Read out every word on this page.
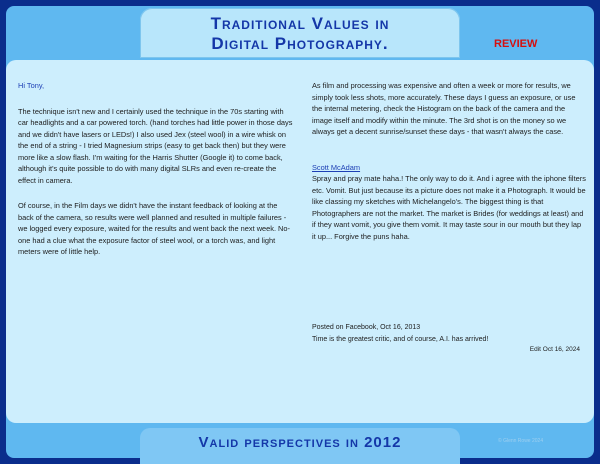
Traditional Values in
Digital Photography.	REVIEW

Hi Tony,

The technique isn't new and I certainly used the technique in the 70s starting with car headlights and a car powered torch. (hand torches had little power in those days and we didn't have lasers or LEDs!) I also used Jex (steel wool) in a wire whisk on the end of a string - I tried Magnesium strips (easy to get back then) but they were more like a slow flash. I'm waiting for the Harris Shutter (Google it) to come back, although it's quite possible to do with many digital SLRs and even re-create the effect in camera.

Of course, in the Film days we didn't have the instant feedback of looking at the back of the camera, so results were well planned and resulted in multiple failures - we logged every exposure, waited for the results and went back the next week. No-one had a clue what the exposure factor of steel wool, or a torch was, and light meters were of little help.

As film and processing was expensive and often a week or more for results, we simply took less shots, more accurately. These days I guess an exposure, or use the internal metering, check the Histogram on the back of the camera and the image itself and modify within the minute. The 3rd shot is on the money so we always get a decent sunrise/sunset these days - that wasn't always the case.

Scott McAdam

Spray and pray mate haha.! The only way to do it. And i agree with the iphone filters etc. Vomit. But just because its a picture does not make it a Photograph. It would be like classing my sketches with Michelangelo's. The biggest thing is that Photographers are not the market. The market is Brides (for weddings at least) and if they want vomit, you give them vomit. It may taste sour in our mouth but they lap it up... Forgive the puns haha.

Posted on Facebook, Oct 16, 2013
Time is the greatest critic, and of course, A.I. has arrived!
Edit Oct 16, 2024
Valid perspectives in 2012	© Glenn Rowe 2024
